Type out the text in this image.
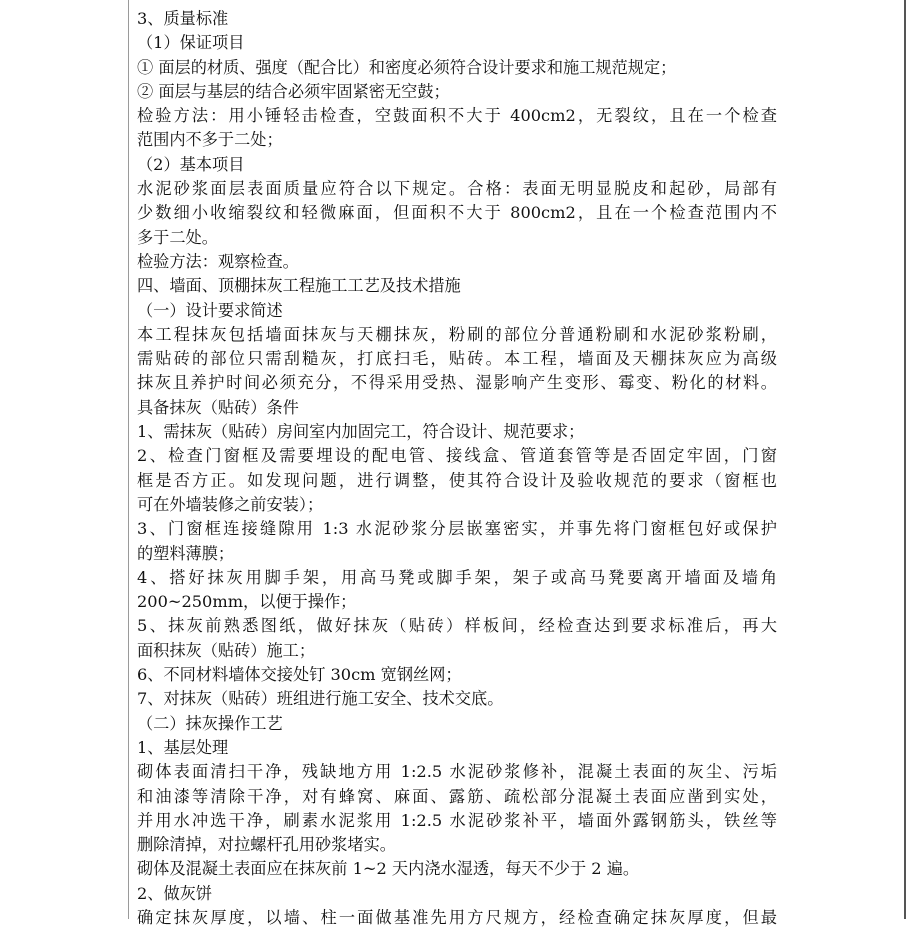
3、质量标准
（1）保证项目
① 面层的材质、强度（配合比）和密度必须符合设计要求和施工规范规定；
② 面层与基层的结合必须牢固紧密无空鼓；
检验方法：用小锤轻击检查，空鼓面积不大于 400cm2，无裂纹，且在一个检查
范围内不多于二处；
（2）基本项目
水泥砂浆面层表面质量应符合以下规定。合格：表面无明显脱皮和起砂，局部有
少数细小收缩裂纹和轻微麻面，但面积不大于 800cm2，且在一个检查范围内不
多于二处。
检验方法：观察检查。
四、墙面、顶棚抹灰工程施工工艺及技术措施
（一）设计要求简述
本工程抹灰包括墙面抹灰与天棚抹灰，粉刷的部位分普通粉刷和水泥砂浆粉刷，
需贴砖的部位只需刮糙灰，打底扫毛，贴砖。本工程，墙面及天棚抹灰应为高级
抹灰且养护时间必须充分，不得采用受热、湿影响产生变形、霉变、粉化的材料。
具备抹灰（贴砖）条件
1、需抹灰（贴砖）房间室内加固完工，符合设计、规范要求；
2、检查门窗框及需要埋设的配电管、接线盒、管道套管等是否固定牢固，门窗
框是否方正。如发现问题，进行调整，使其符合设计及验收规范的要求（窗框也
可在外墙装修之前安装）；
3、门窗框连接缝隙用 1:3 水泥砂浆分层嵌塞密实，并事先将门窗框包好或保护
的塑料薄膜；
4、搭好抹灰用脚手架，用高马凳或脚手架，架子或高马凳要离开墙面及墙角
200~250mm，以便于操作；
5、抹灰前熟悉图纸，做好抹灰（贴砖）样板间，经检查达到要求标准后，再大
面积抹灰（贴砖）施工；
6、不同材料墙体交接处钉 30cm 宽钢丝网；
7、对抹灰（贴砖）班组进行施工安全、技术交底。
（二）抹灰操作工艺
1、基层处理
砌体表面清扫干净，残缺地方用 1:2.5 水泥砂浆修补，混凝土表面的灰尘、污垢
和油漆等清除干净，对有蜂窝、麻面、露筋、疏松部分混凝土表面应凿到实处，
并用水冲选干净，刷素水泥浆用 1:2.5 水泥砂浆补平，墙面外露钢筋头，铁丝等
删除清掉，对拉螺杆孔用砂浆堵实。
砌体及混凝土表面应在抹灰前 1~2 天内浇水湿透，每天不少于 2 遍。
2、做灰饼
确定抹灰厚度，以墙、柱一面做基准先用方尺规方，经检查确定抹灰厚度，但最
